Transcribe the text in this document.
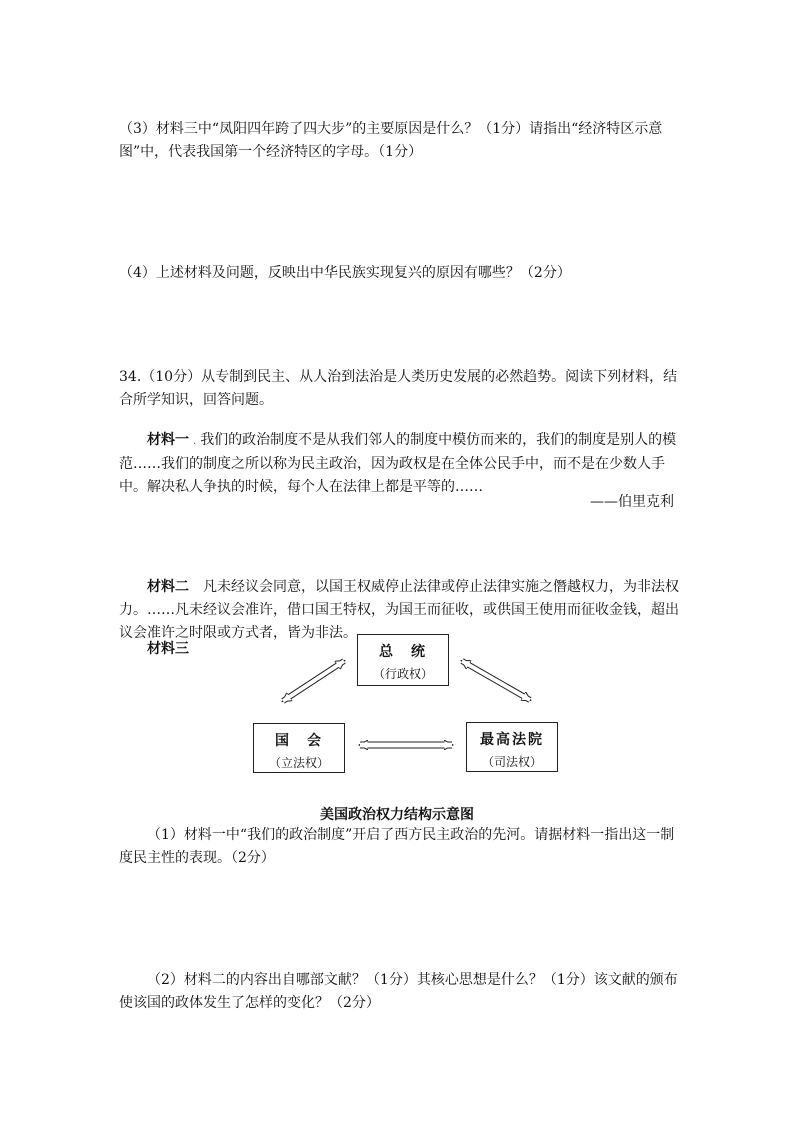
（3）材料三中“凤阳四年跨了四大步”的主要原因是什么？（1分）请指出“经济特区示意图”中，代表我国第一个经济特区的字母。（1分）

（4）上述材料及问题，反映出中华民族实现复兴的原因有哪些？（2分）

34.（10分）从专制到民主、从人治到法治是人类历史发展的必然趋势。阅读下列材料，结合所学知识，回答问题。

材料一 . 我们的政治制度不是从我们邻人的制度中模仿而来的，我们的制度是别人的模范……我们的制度之所以称为民主政治，因为政权是在全体公民手中，而不是在少数人手中。解决私人争执的时候，每个人在法律上都是平等的……

——伯里克利

材料二　 凡未经议会同意，以国王权威停止法律或停止法律实施之僭越权力，为非法权力。……凡未经议会准许，借口国王特权，为国王而征收，或供国王使用而征收金钱，超出议会准许之时限或方式者，皆为非法。

材料三	总　统
（行政权）
国　会
（立法权）
最高法院
（司法权）
美国政治权力结构示意图

（1）材料一中“我们的政治制度”开启了西方民主政治的先河。请据材料一指出这一制度民主性的表现。（2分）

（2）材料二的内容出自哪部文献？（1分）其核心思想是什么？（1分）该文献的颁布使该国的政体发生了怎样的变化？（2分）
